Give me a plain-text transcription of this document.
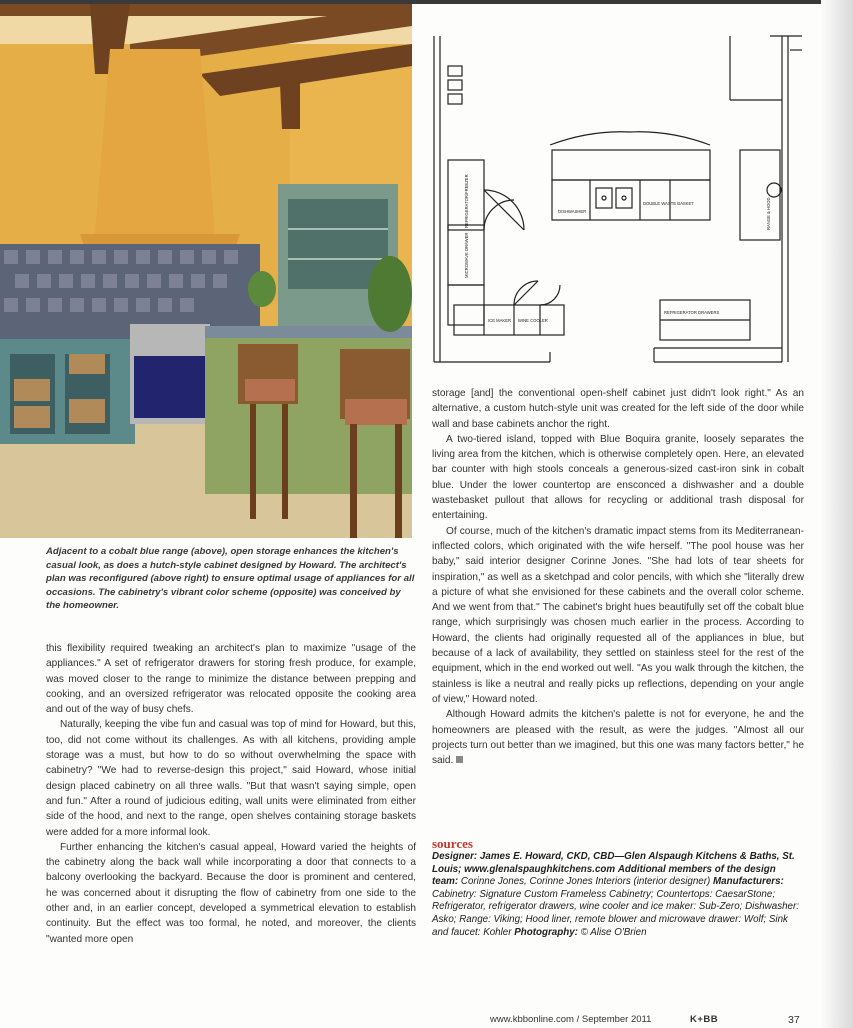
REFRIGERATOR/FREEZER
MICROWAVE DRAWER
DISHWASHER
DOUBLE WASTE BASKET	RANGE & HOOD
REFRIGERATOR DRAWERS
ICE MAKER WINE COOLER
Adjacent to a cobalt blue range (above), open storage enhances the kitchen's casual look, as does a hutch-style cabinet designed by Howard. The architect's plan was reconfigured (above right) to ensure optimal usage of appliances for all occasions. The cabinetry's vibrant color scheme (opposite) was conceived by the homeowner.

this flexibility required tweaking an architect's plan to maximize "usage of the appliances." A set of refrigerator drawers for storing fresh produce, for example, was moved closer to the range to minimize the distance between prepping and cooking, and an oversized refrigerator was relocated opposite the cooking area and out of the way of busy chefs.

Naturally, keeping the vibe fun and casual was top of mind for Howard, but this, too, did not come without its challenges. As with all kitchens, providing ample storage was a must, but how to do so without overwhelming the space with cabinetry? "We had to reverse-design this project," said Howard, whose initial design placed cabinetry on all three walls. "But that wasn't saying simple, open and fun." After a round of judicious editing, wall units were eliminated from either side of the hood, and next to the range, open shelves containing storage baskets were added for a more informal look.

Further enhancing the kitchen's casual appeal, Howard varied the heights of the cabinetry along the back wall while incorporating a door that connects to a balcony overlooking the backyard. Because the door is prominent and centered, he was concerned about it disrupting the flow of cabinetry from one side to the other and, in an earlier concept, developed a symmetrical elevation to establish continuity. But the effect was too formal, he noted, and moreover, the clients "wanted more open

storage [and] the conventional open-shelf cabinet just didn't look right." As an alternative, a custom hutch-style unit was created for the left side of the door while wall and base cabinets anchor the right.

A two-tiered island, topped with Blue Boquira granite, loosely separates the living area from the kitchen, which is otherwise completely open. Here, an elevated bar counter with high stools conceals a generous-sized cast-iron sink in cobalt blue. Under the lower countertop are ensconced a dishwasher and a double wastebasket pullout that allows for recycling or additional trash disposal for entertaining.

Of course, much of the kitchen's dramatic impact stems from its Mediterranean-inflected colors, which originated with the wife herself. "The pool house was her baby," said interior designer Corinne Jones. "She had lots of tear sheets for inspiration," as well as a sketchpad and color pencils, with which she "literally drew a picture of what she envisioned for these cabinets and the overall color scheme. And we went from that." The cabinet's bright hues beautifully set off the cobalt blue range, which surprisingly was chosen much earlier in the process. According to Howard, the clients had originally requested all of the appliances in blue, but because of a lack of availability, they settled on stainless steel for the rest of the equipment, which in the end worked out well. "As you walk through the kitchen, the stainless is like a neutral and really picks up reflections, depending on your angle of view," Howard noted.

Although Howard admits the kitchen's palette is not for everyone, he and the homeowners are pleased with the result, as were the judges. "Almost all our projects turn out better than we imagined, but this one was many factors better," he said.

sources
Designer: James E. Howard, CKD, CBD—Glen Alspaugh Kitchens & Baths, St. Louis; www.glenalspaughkitchens.com Additional members of the design team: Corinne Jones, Corinne Jones Interiors (interior designer) Manufacturers: Cabinetry: Signature Custom Frameless Cabinetry; Countertops: CaesarStone; Refrigerator, refrigerator drawers, wine cooler and ice maker: Sub-Zero; Dishwasher: Asko; Range: Viking; Hood liner, remote blower and microwave drawer: Wolf; Sink and faucet: Kohler Photography: © Alise O'Brien
www.kbbonline.com / September 2011	K+BB	37
